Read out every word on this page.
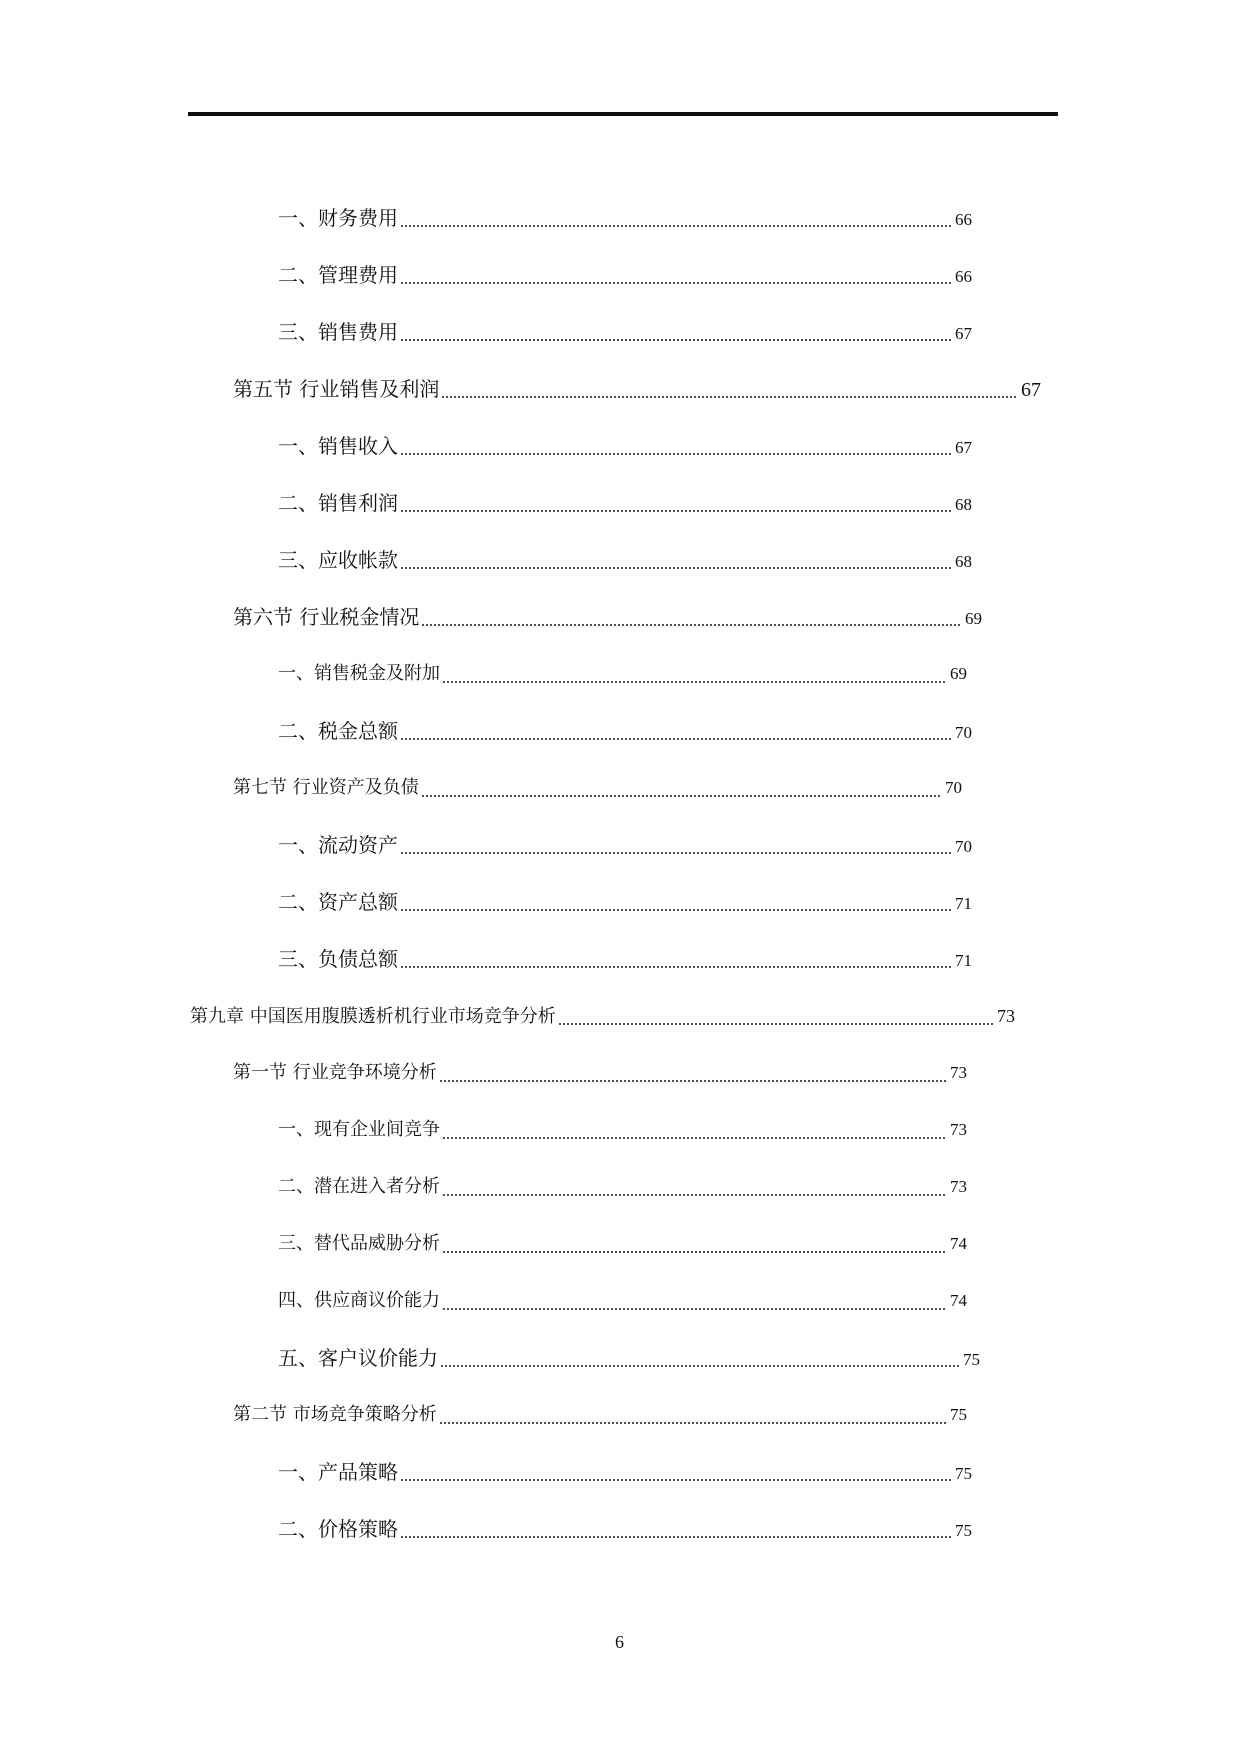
一、财务费用	66
二、管理费用	66
三、销售费用	67
第五节 行业销售及利润	67
一、销售收入	67
二、销售利润	68
三、应收帐款	68
第六节 行业税金情况	69
一、销售税金及附加	69
二、税金总额	70
第七节 行业资产及负债	70
一、流动资产	70
二、资产总额	71
三、负债总额	71
第九章 中国医用腹膜透析机行业市场竞争分析	73
第一节 行业竞争环境分析	73
一、现有企业间竞争	73
二、潜在进入者分析	73
三、替代品威胁分析	74
四、供应商议价能力	74
五、客户议价能力	75
第二节 市场竞争策略分析	75
一、产品策略	75
二、价格策略	75
6
